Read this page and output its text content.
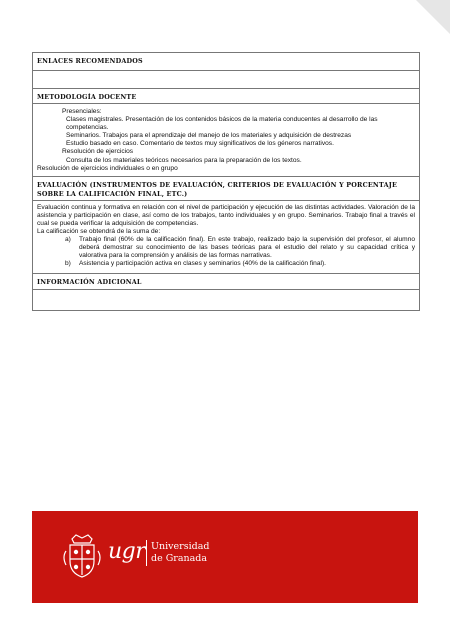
ENLACES RECOMENDADOS
METODOLOGÍA DOCENTE
Presenciales:
Clases magistrales. Presentación de los contenidos básicos de la materia conducentes al desarrollo de las competencias.
Seminarios. Trabajos para el aprendizaje del manejo de los materiales y adquisición de destrezas
Estudio basado en caso. Comentario de textos muy significativos de los géneros narrativos.
Resolución de ejercicios
Consulta de los materiales teóricos necesarios para la preparación de los textos.
Resolución de ejercicios individuales o en grupo
EVALUACIÓN (INSTRUMENTOS DE EVALUACIÓN, CRITERIOS DE EVALUACIÓN Y PORCENTAJE SOBRE LA CALIFICACIÓN FINAL, ETC.)
Evaluación continua y formativa en relación con el nivel de participación y ejecución de las distintas actividades. Valoración de la asistencia y participación en clase, así como de los trabajos, tanto individuales y en grupo. Seminarios. Trabajo final a través el cual se pueda verificar la adquisición de competencias.
La calificación se obtendrá de la suma de:
a) Trabajo final (60% de la calificación final). En este trabajo, realizado bajo la supervisión del profesor, el alumno deberá demostrar su conocimiento de las bases teóricas para el estudio del relato y su capacidad crítica y valorativa para la comprensión y análisis de las formas narrativas.
b) Asistencia y participación activa en clases y seminarios (40% de la calificación final).
INFORMACIÓN ADICIONAL
ugr Universidad
de Granada
